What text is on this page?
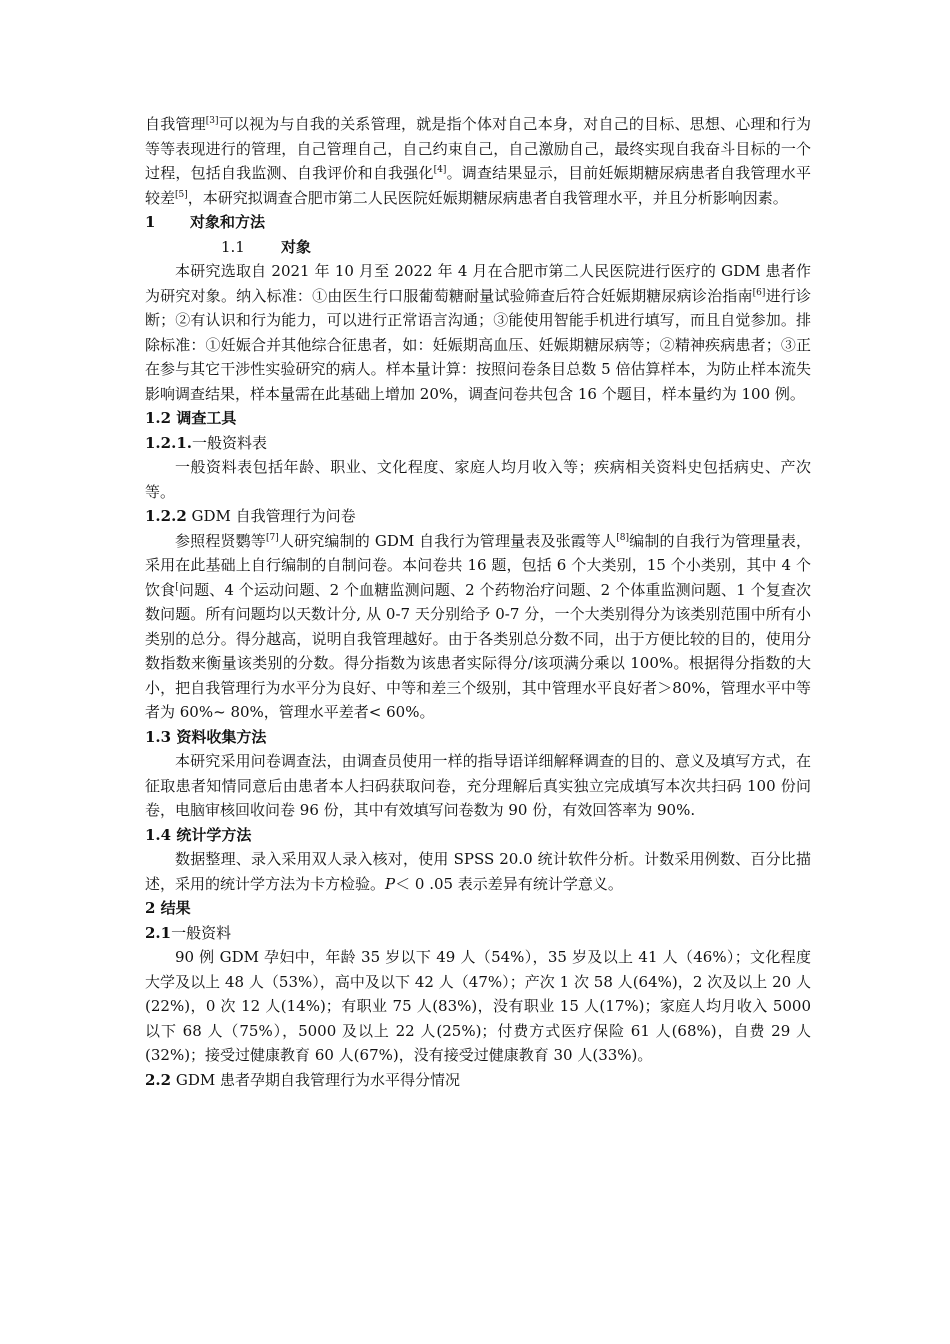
自我管理[3]可以视为与自我的关系管理，就是指个体对自己本身，对自己的目标、思想、心理和行为等等表现进行的管理，自己管理自己，自己约束自己，自己激励自己，最终实现自我奋斗目标的一个过程，包括自我监测、自我评价和自我强化[4]。调查结果显示，目前妊娠期糖尿病患者自我管理水平较差[5]，本研究拟调查合肥市第二人民医院妊娠期糖尿病患者自我管理水平，并且分析影响因素。

1	对象和方法
1.1	对象

本研究选取自 2021 年 10 月至 2022 年 4 月在合肥市第二人民医院进行医疗的 GDM 患者作为研究对象。纳入标准：①由医生行口服葡萄糖耐量试验筛查后符合妊娠期糖尿病诊治指南[6]进行诊断；②有认识和行为能力，可以进行正常语言沟通；③能使用智能手机进行填写，而且自觉参加。排除标准：①妊娠合并其他综合征患者，如：妊娠期高血压、妊娠期糖尿病等；②精神疾病患者；③正在参与其它干涉性实验研究的病人。样本量计算：按照问卷条目总数 5 倍估算样本，为防止样本流失影响调查结果，样本量需在此基础上增加 20%，调查问卷共包含 16 个题目，样本量约为 100 例。

1.2 调查工具
1.2.1.一般资料表

一般资料表包括年龄、职业、文化程度、家庭人均月收入等；疾病相关资料史包括病史、产次等。

1.2.2 GDM 自我管理行为问卷

参照程贤鹦等[7]人研究编制的 GDM 自我行为管理量表及张霞等人[8]编制的自我行为管理量表，采用在此基础上自行编制的自制问卷。本问卷共 16 题，包括 6 个大类别，15 个小类别，其中 4 个饮食[问题、4 个运动问题、2 个血糖监测问题、2 个药物治疗问题、2 个体重监测问题、1 个复查次数问题。所有问题均以天数计分, 从 0-7 天分别给予 0-7 分，一个大类别得分为该类别范围中所有小类别的总分。得分越高，说明自我管理越好。由于各类别总分数不同，出于方便比较的目的，使用分数指数来衡量该类别的分数。得分指数为该患者实际得分/该项满分乘以 100%。根据得分指数的大小，把自我管理行为水平分为良好、中等和差三个级别，其中管理水平良好者＞80%，管理水平中等者为 60%~ 80%，管理水平差者< 60%。

1.3 资料收集方法

本研究采用问卷调查法，由调查员使用一样的指导语详细解释调查的目的、意义及填写方式，在征取患者知情同意后由患者本人扫码获取问卷，充分理解后真实独立完成填写本次共扫码 100 份问卷，电脑审核回收问卷 96 份，其中有效填写问卷数为 90 份，有效回答率为 90%.

1.4 统计学方法

数据整理、录入采用双人录入核对，使用 SPSS 20.0 统计软件分析。计数采用例数、百分比描述，采用的统计学方法为卡方检验。P＜ 0 .05 表示差异有统计学意义。

2 结果
2.1一般资料

90 例 GDM 孕妇中，年龄 35 岁以下 49 人（54%），35 岁及以上 41 人（46%）；文化程度大学及以上 48 人（53%），高中及以下 42 人（47%）；产次 1 次 58 人(64%)，2 次及以上 20 人(22%)，0 次 12 人(14%)；有职业 75 人(83%)，没有职业 15 人(17%)；家庭人均月收入 5000 以下 68 人（75%），5000 及以上 22 人(25%)；付费方式医疗保险 61 人(68%)，自费 29 人(32%)；接受过健康教育 60 人(67%)，没有接受过健康教育 30 人(33%)。

2.2 GDM 患者孕期自我管理行为水平得分情况
